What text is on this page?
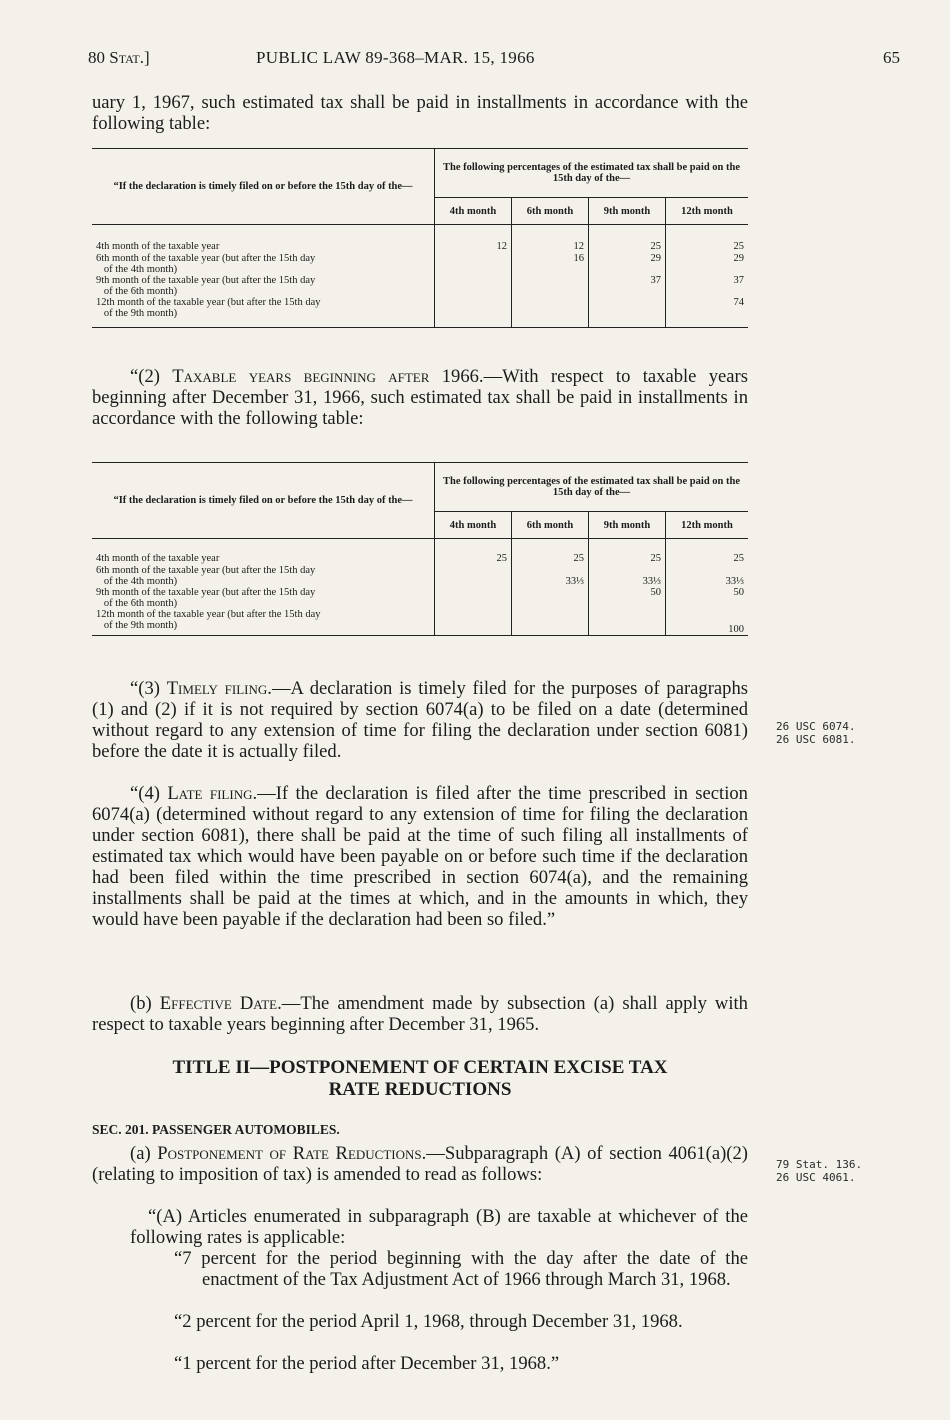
80 Stat.]	PUBLIC LAW 89-368–MAR. 15, 1966	65

uary 1, 1967, such estimated tax shall be paid in installments in accordance with the following table:

“If the declaration is timely filed on or before the 15th day of the—	The following percentages of the estimated tax shall be paid on the 15th day of the—			
	4th month	6th month	9th month	12th month

4th month of the taxable year	12	12	25	25
6th month of the taxable year (but after the 15th day
of the 4th month)		16	29	29
9th month of the taxable year (but after the 15th day
of the 6th month)			37	37
12th month of the taxable year (but after the 15th day
of the 9th month)				74

“(2) Taxable years beginning after 1966.—With respect to taxable years beginning after December 31, 1966, such estimated tax shall be paid in installments in accordance with the following table:

“If the declaration is timely filed on or before the 15th day of the—	The following percentages of the estimated tax shall be paid on the 15th day of the—			
	4th month	6th month	9th month	12th month

4th month of the taxable year	25	25	25	25
6th month of the taxable year (but after the 15th day
of the 4th month)		33⅓	33⅓	33⅓
9th month of the taxable year (but after the 15th day
of the 6th month)			50	50
12th month of the taxable year (but after the 15th day
of the 9th month)				100

“(3) Timely filing.—A declaration is timely filed for the purposes of paragraphs (1) and (2) if it is not required by section 6074(a) to be filed on a date (determined without regard to any extension of time for filing the declaration under section 6081) before the date it is actually filed.

“(4) Late filing.—If the declaration is filed after the time prescribed in section 6074(a) (determined without regard to any extension of time for filing the declaration under section 6081), there shall be paid at the time of such filing all installments of estimated tax which would have been payable on or before such time if the declaration had been filed within the time prescribed in section 6074(a), and the remaining installments shall be paid at the times at which, and in the amounts in which, they would have been payable if the declaration had been so filed.”

(b) Effective Date.—The amendment made by subsection (a) shall apply with respect to taxable years beginning after December 31, 1965.

TITLE II—POSTPONEMENT OF CERTAIN EXCISE TAX

RATE REDUCTIONS

SEC. 201. PASSENGER AUTOMOBILES.

(a) Postponement of Rate Reductions.—Subparagraph (A) of section 4061(a)(2) (relating to imposition of tax) is amended to read as follows:

“(A) Articles enumerated in subparagraph (B) are taxable at whichever of the following rates is applicable:

“7 percent for the period beginning with the day after the date of the enactment of the Tax Adjustment Act of 1966 through March 31, 1968.

“2 percent for the period April 1, 1968, through December 31, 1968.

“1 percent for the period after December 31, 1968.”

26 USC 6074.
26 USC 6081.
79 Stat. 136.
26 USC 4061.
